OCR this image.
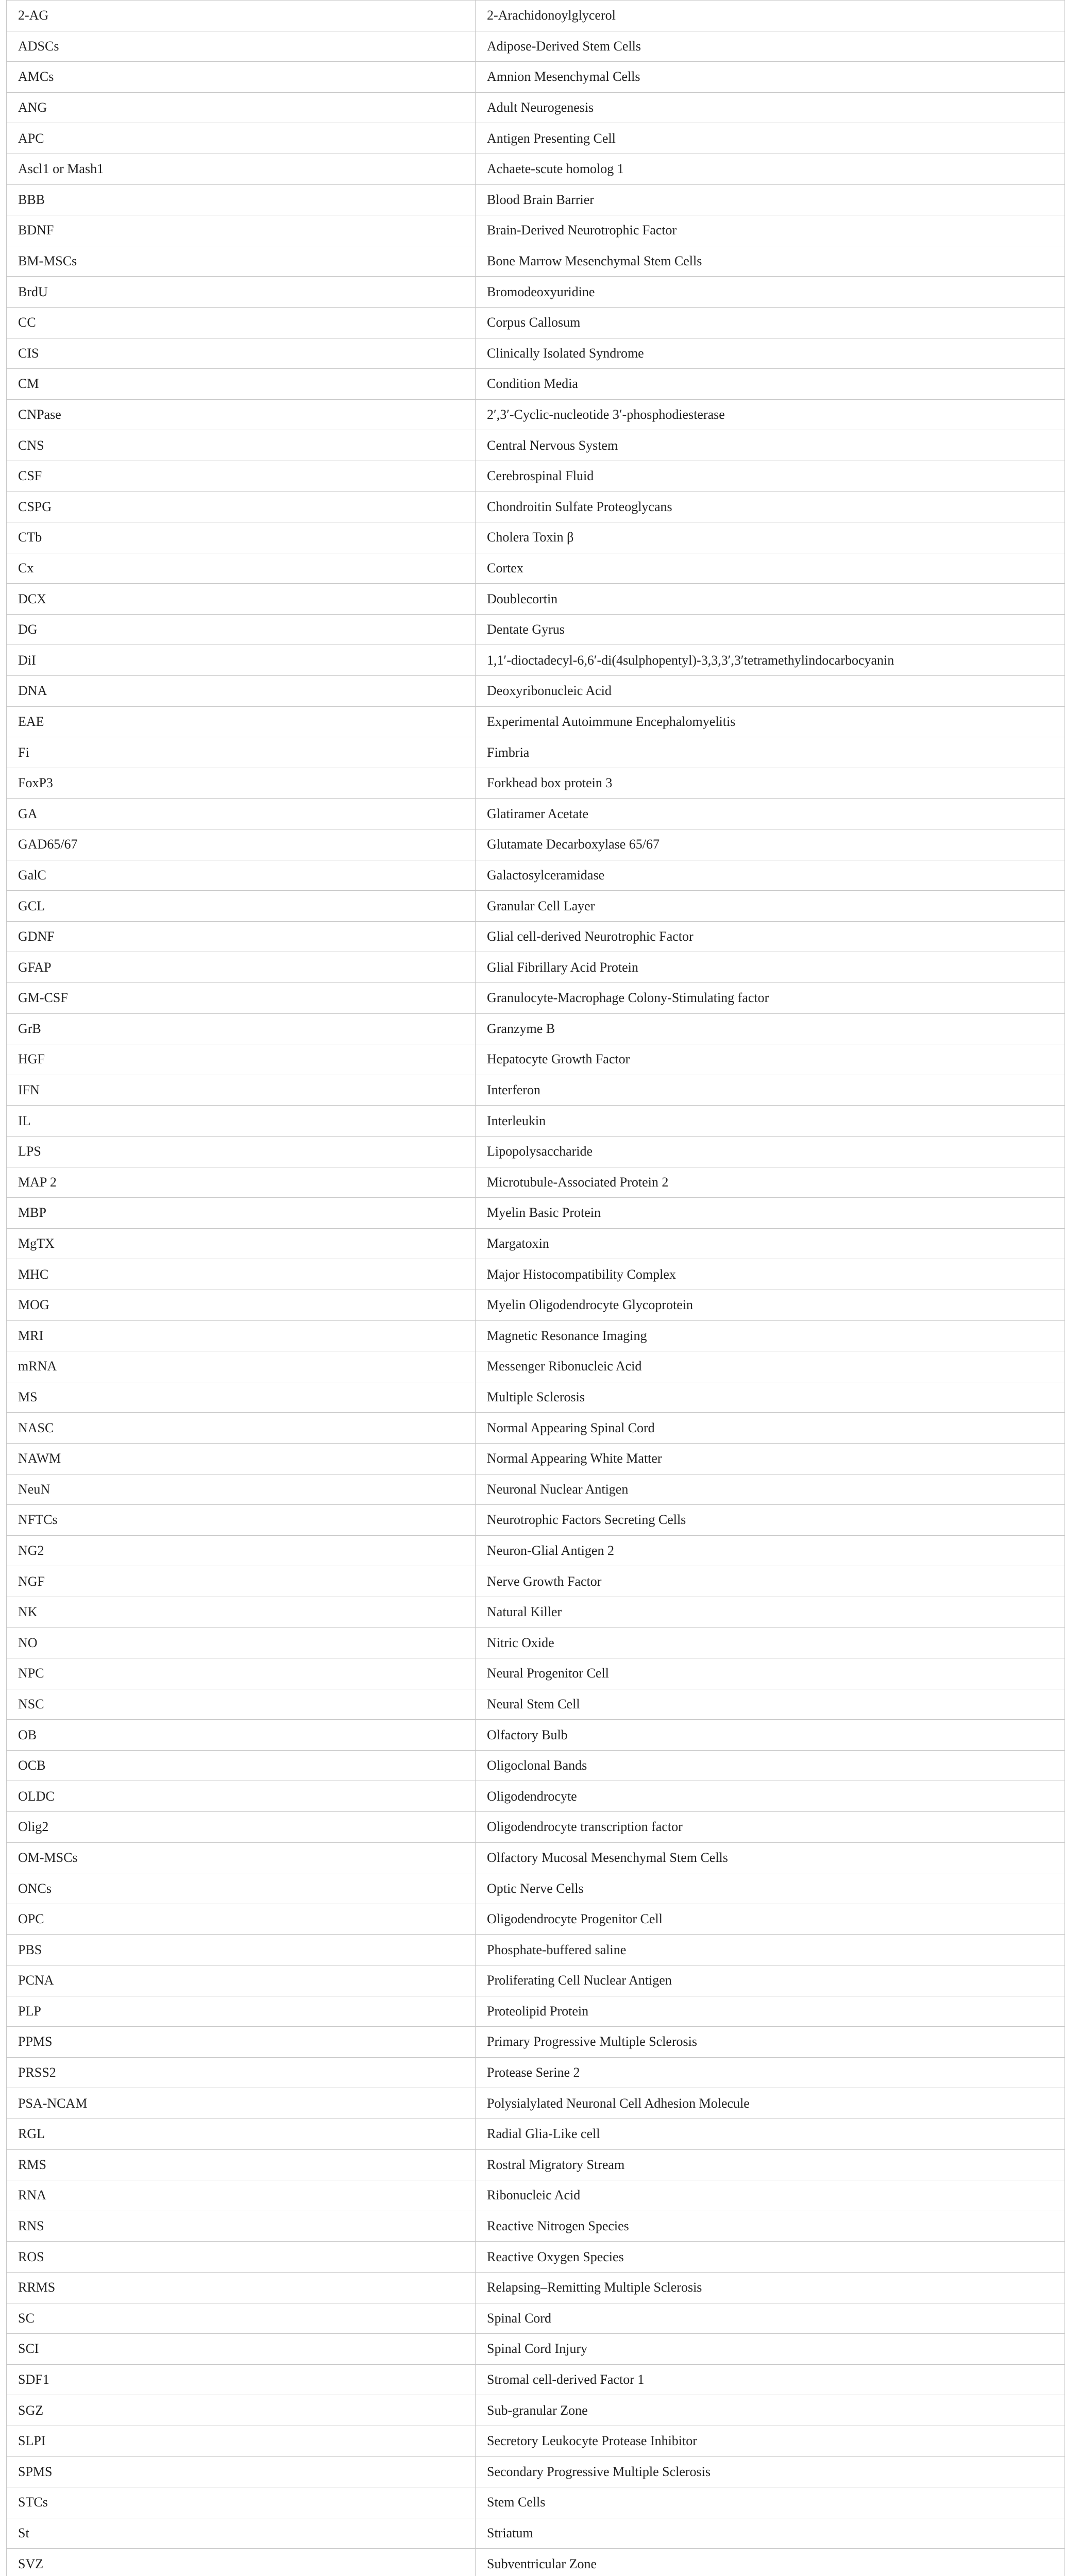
2-AG	2-Arachidonoylglycerol
ADSCs	Adipose-Derived Stem Cells
AMCs	Amnion Mesenchymal Cells
ANG	Adult Neurogenesis
APC	Antigen Presenting Cell
Ascl1 or Mash1	Achaete-scute homolog 1
BBB	Blood Brain Barrier
BDNF	Brain-Derived Neurotrophic Factor
BM-MSCs	Bone Marrow Mesenchymal Stem Cells
BrdU	Bromodeoxyuridine
CC	Corpus Callosum
CIS	Clinically Isolated Syndrome
CM	Condition Media
CNPase	2′,3′-Cyclic-nucleotide 3′-phosphodiesterase
CNS	Central Nervous System
CSF	Cerebrospinal Fluid
CSPG	Chondroitin Sulfate Proteoglycans
CTb	Cholera Toxin β
Cx	Cortex
DCX	Doublecortin
DG	Dentate Gyrus
DiI	1,1′-dioctadecyl-6,6′-di(4sulphopentyl)-3,3,3′,3′tetramethylindocarbocyanin
DNA	Deoxyribonucleic Acid
EAE	Experimental Autoimmune Encephalomyelitis
Fi	Fimbria
FoxP3	Forkhead box protein 3
GA	Glatiramer Acetate
GAD65/67	Glutamate Decarboxylase 65/67
GalC	Galactosylceramidase
GCL	Granular Cell Layer
GDNF	Glial cell-derived Neurotrophic Factor
GFAP	Glial Fibrillary Acid Protein
GM-CSF	Granulocyte-Macrophage Colony-Stimulating factor
GrB	Granzyme B
HGF	Hepatocyte Growth Factor
IFN	Interferon
IL	Interleukin
LPS	Lipopolysaccharide
MAP 2	Microtubule-Associated Protein 2
MBP	Myelin Basic Protein
MgTX	Margatoxin
MHC	Major Histocompatibility Complex
MOG	Myelin Oligodendrocyte Glycoprotein
MRI	Magnetic Resonance Imaging
mRNA	Messenger Ribonucleic Acid
MS	Multiple Sclerosis
NASC	Normal Appearing Spinal Cord
NAWM	Normal Appearing White Matter
NeuN	Neuronal Nuclear Antigen
NFTCs	Neurotrophic Factors Secreting Cells
NG2	Neuron-Glial Antigen 2
NGF	Nerve Growth Factor
NK	Natural Killer
NO	Nitric Oxide
NPC	Neural Progenitor Cell
NSC	Neural Stem Cell
OB	Olfactory Bulb
OCB	Oligoclonal Bands
OLDC	Oligodendrocyte
Olig2	Oligodendrocyte transcription factor
OM-MSCs	Olfactory Mucosal Mesenchymal Stem Cells
ONCs	Optic Nerve Cells
OPC	Oligodendrocyte Progenitor Cell
PBS	Phosphate-buffered saline
PCNA	Proliferating Cell Nuclear Antigen
PLP	Proteolipid Protein
PPMS	Primary Progressive Multiple Sclerosis
PRSS2	Protease Serine 2
PSA-NCAM	Polysialylated Neuronal Cell Adhesion Molecule
RGL	Radial Glia-Like cell
RMS	Rostral Migratory Stream
RNA	Ribonucleic Acid
RNS	Reactive Nitrogen Species
ROS	Reactive Oxygen Species
RRMS	Relapsing–Remitting Multiple Sclerosis
SC	Spinal Cord
SCI	Spinal Cord Injury
SDF1	Stromal cell-derived Factor 1
SGZ	Sub-granular Zone
SLPI	Secretory Leukocyte Protease Inhibitor
SPMS	Secondary Progressive Multiple Sclerosis
STCs	Stem Cells
St	Striatum
SVZ	Subventricular Zone
